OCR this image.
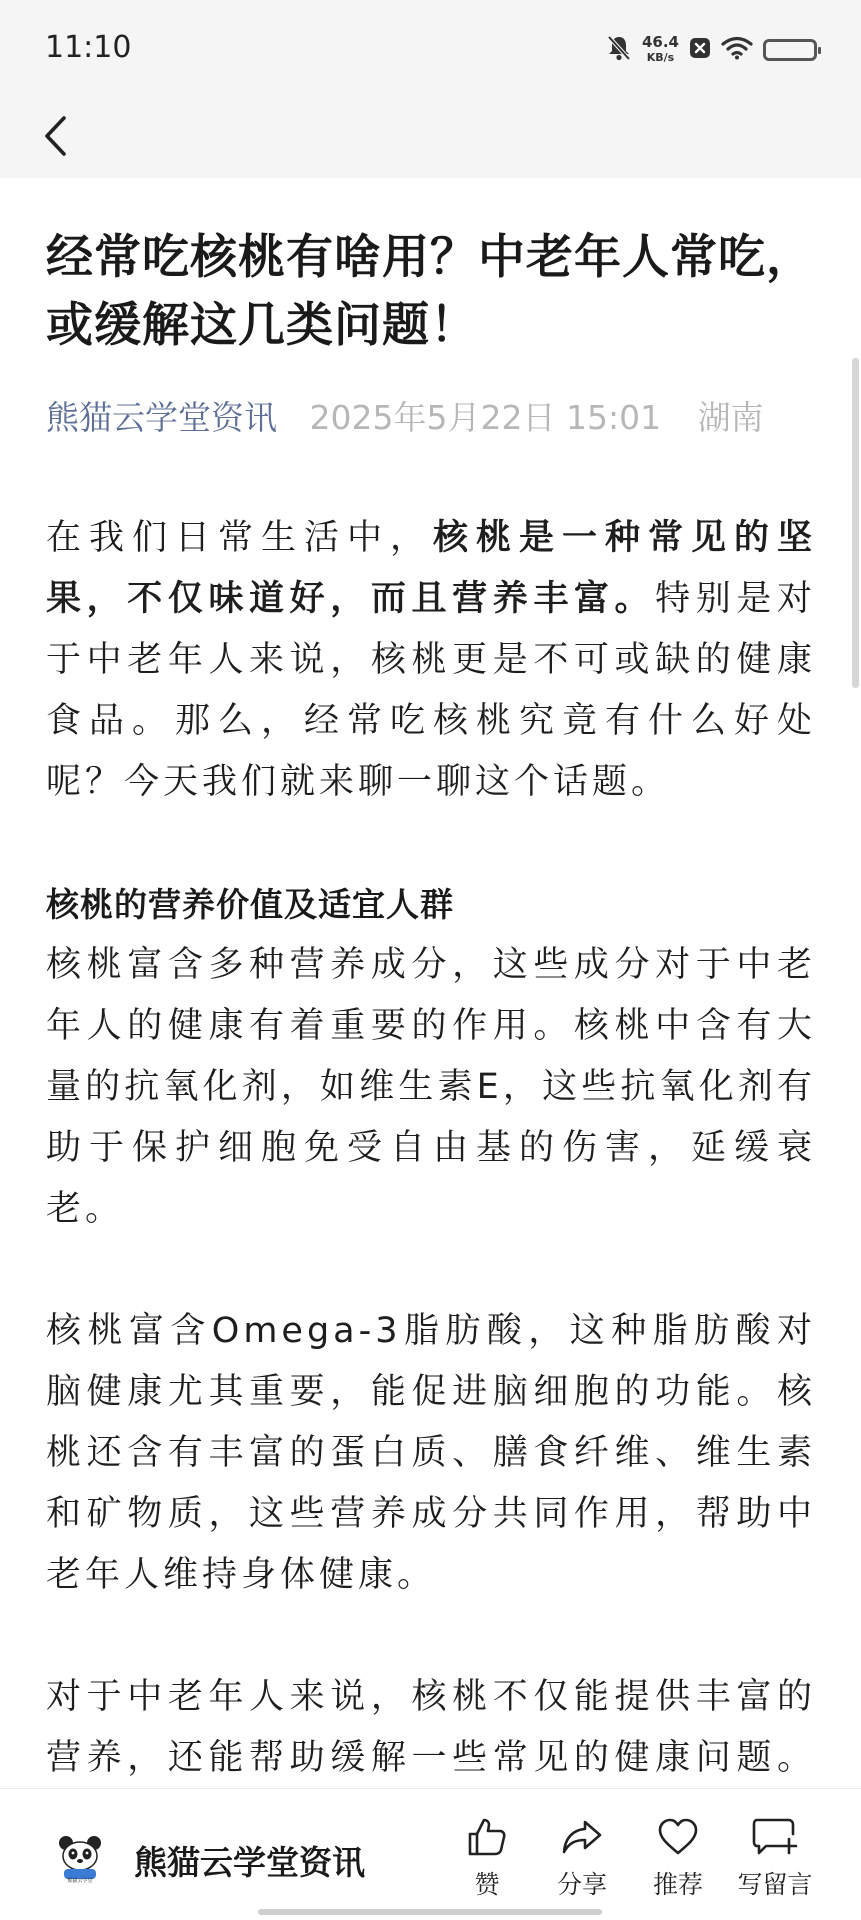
11:10	46.4
KB/s
经常吃核桃有啥用？中老年人常吃，或缓解这几类问题！
熊猫云学堂资讯 2025年5月22日 15:01 湖南

在我们日常生活中，核桃是一种常见的坚果，不仅味道好，而且营养丰富。特别是对于中老年人来说，核桃更是不可或缺的健康食品。那么，经常吃核桃究竟有什么好处呢？今天我们就来聊一聊这个话题。

核桃的营养价值及适宜人群

核桃富含多种营养成分，这些成分对于中老年人的健康有着重要的作用。核桃中含有大量的抗氧化剂，如维生素E，这些抗氧化剂有助于保护细胞免受自由基的伤害，延缓衰老。

核桃富含Omega-3脂肪酸，这种脂肪酸对脑健康尤其重要，能促进脑细胞的功能。核桃还含有丰富的蛋白质、膳食纤维、维生素和矿物质，这些营养成分共同作用，帮助中老年人维持身体健康。

对于中老年人来说，核桃不仅能提供丰富的营养，还能帮助缓解一些常见的健康问题。

熊猫云学堂 熊猫云学堂资讯
赞 分享 推荐 写留言
